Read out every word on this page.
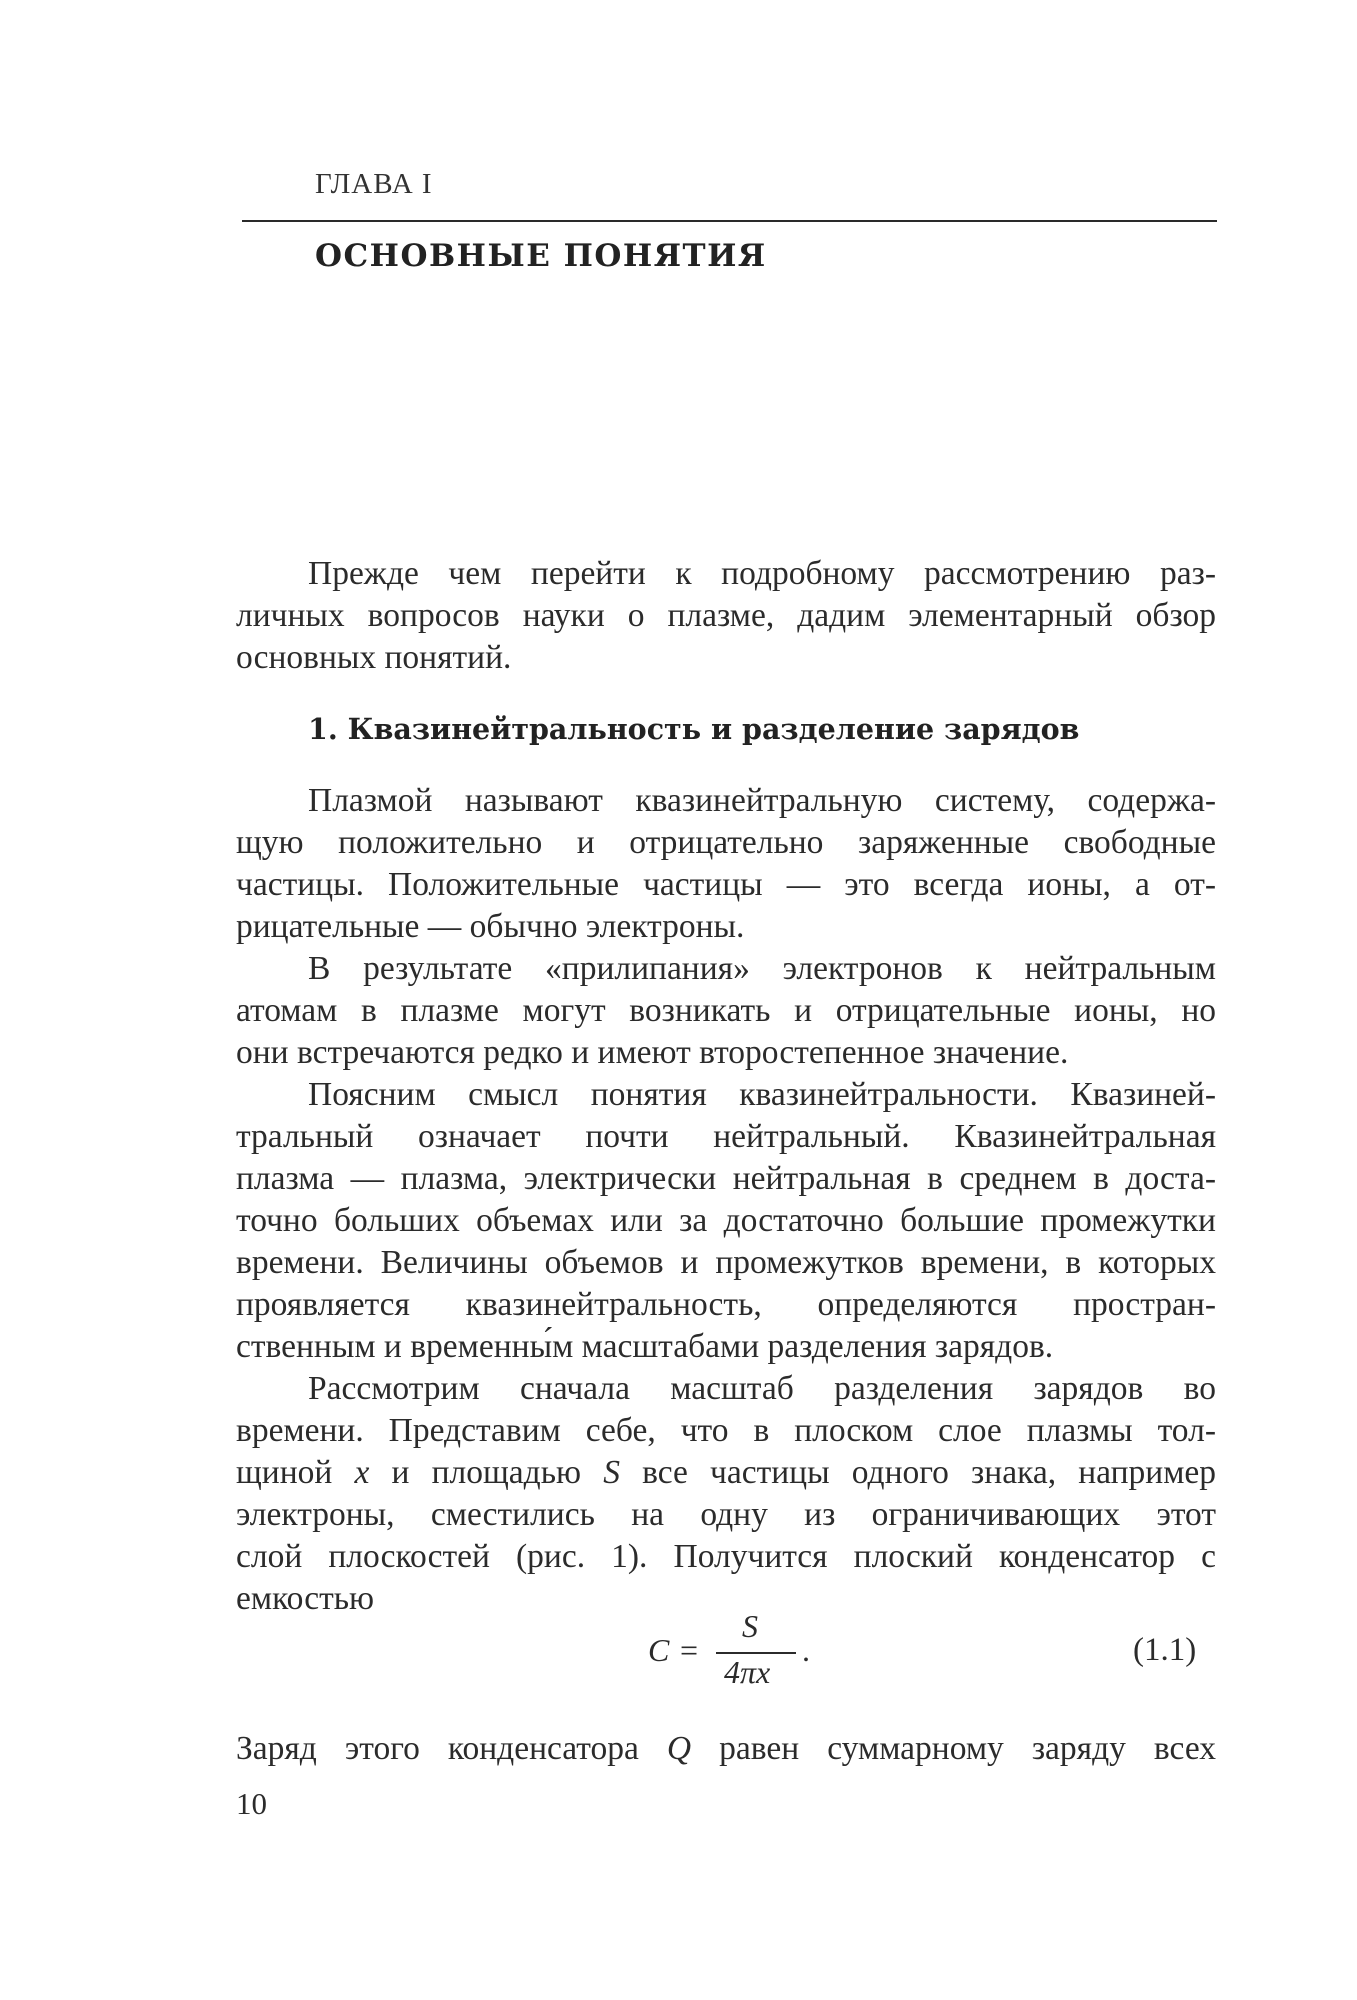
ГЛАВА I
ОСНОВНЫЕ ПОНЯТИЯ
Прежде чем перейти к подробному рассмотрению раз-
личных вопросов науки о плазме, дадим элементарный обзор
основных понятий.
1. Квазинейтральность и разделение зарядов
Плазмой называют квазинейтральную систему, содержа-
щую положительно и отрицательно заряженные свободные
частицы. Положительные частицы — это всегда ионы, а от-
рицательные — обычно электроны.
В результате «прилипания» электронов к нейтральным
атомам в плазме могут возникать и отрицательные ионы, но
они встречаются редко и имеют второстепенное значение.
Поясним смысл понятия квазинейтральности. Квазиней-
тральный означает почти нейтральный. Квазинейтральная
плазма — плазма, электрически нейтральная в среднем в доста-
точно больших объемах или за достаточно большие промежутки
времени. Величины объемов и промежутков времени, в которых
проявляется квазинейтральность, определяются простран-
ственным и временны́м масштабами разделения зарядов.
Рассмотрим сначала масштаб разделения зарядов во
времени. Представим себе, что в плоском слое плазмы тол-
щиной x и площадью S все частицы одного знака, например
электроны, сместились на одну из ограничивающих этот
слой плоскостей (рис. 1). Получится плоский конденсатор с
емкостью
C =
S
4πx
.	(1.1)
Заряд этого конденсатора Q равен суммарному заряду всех
10
